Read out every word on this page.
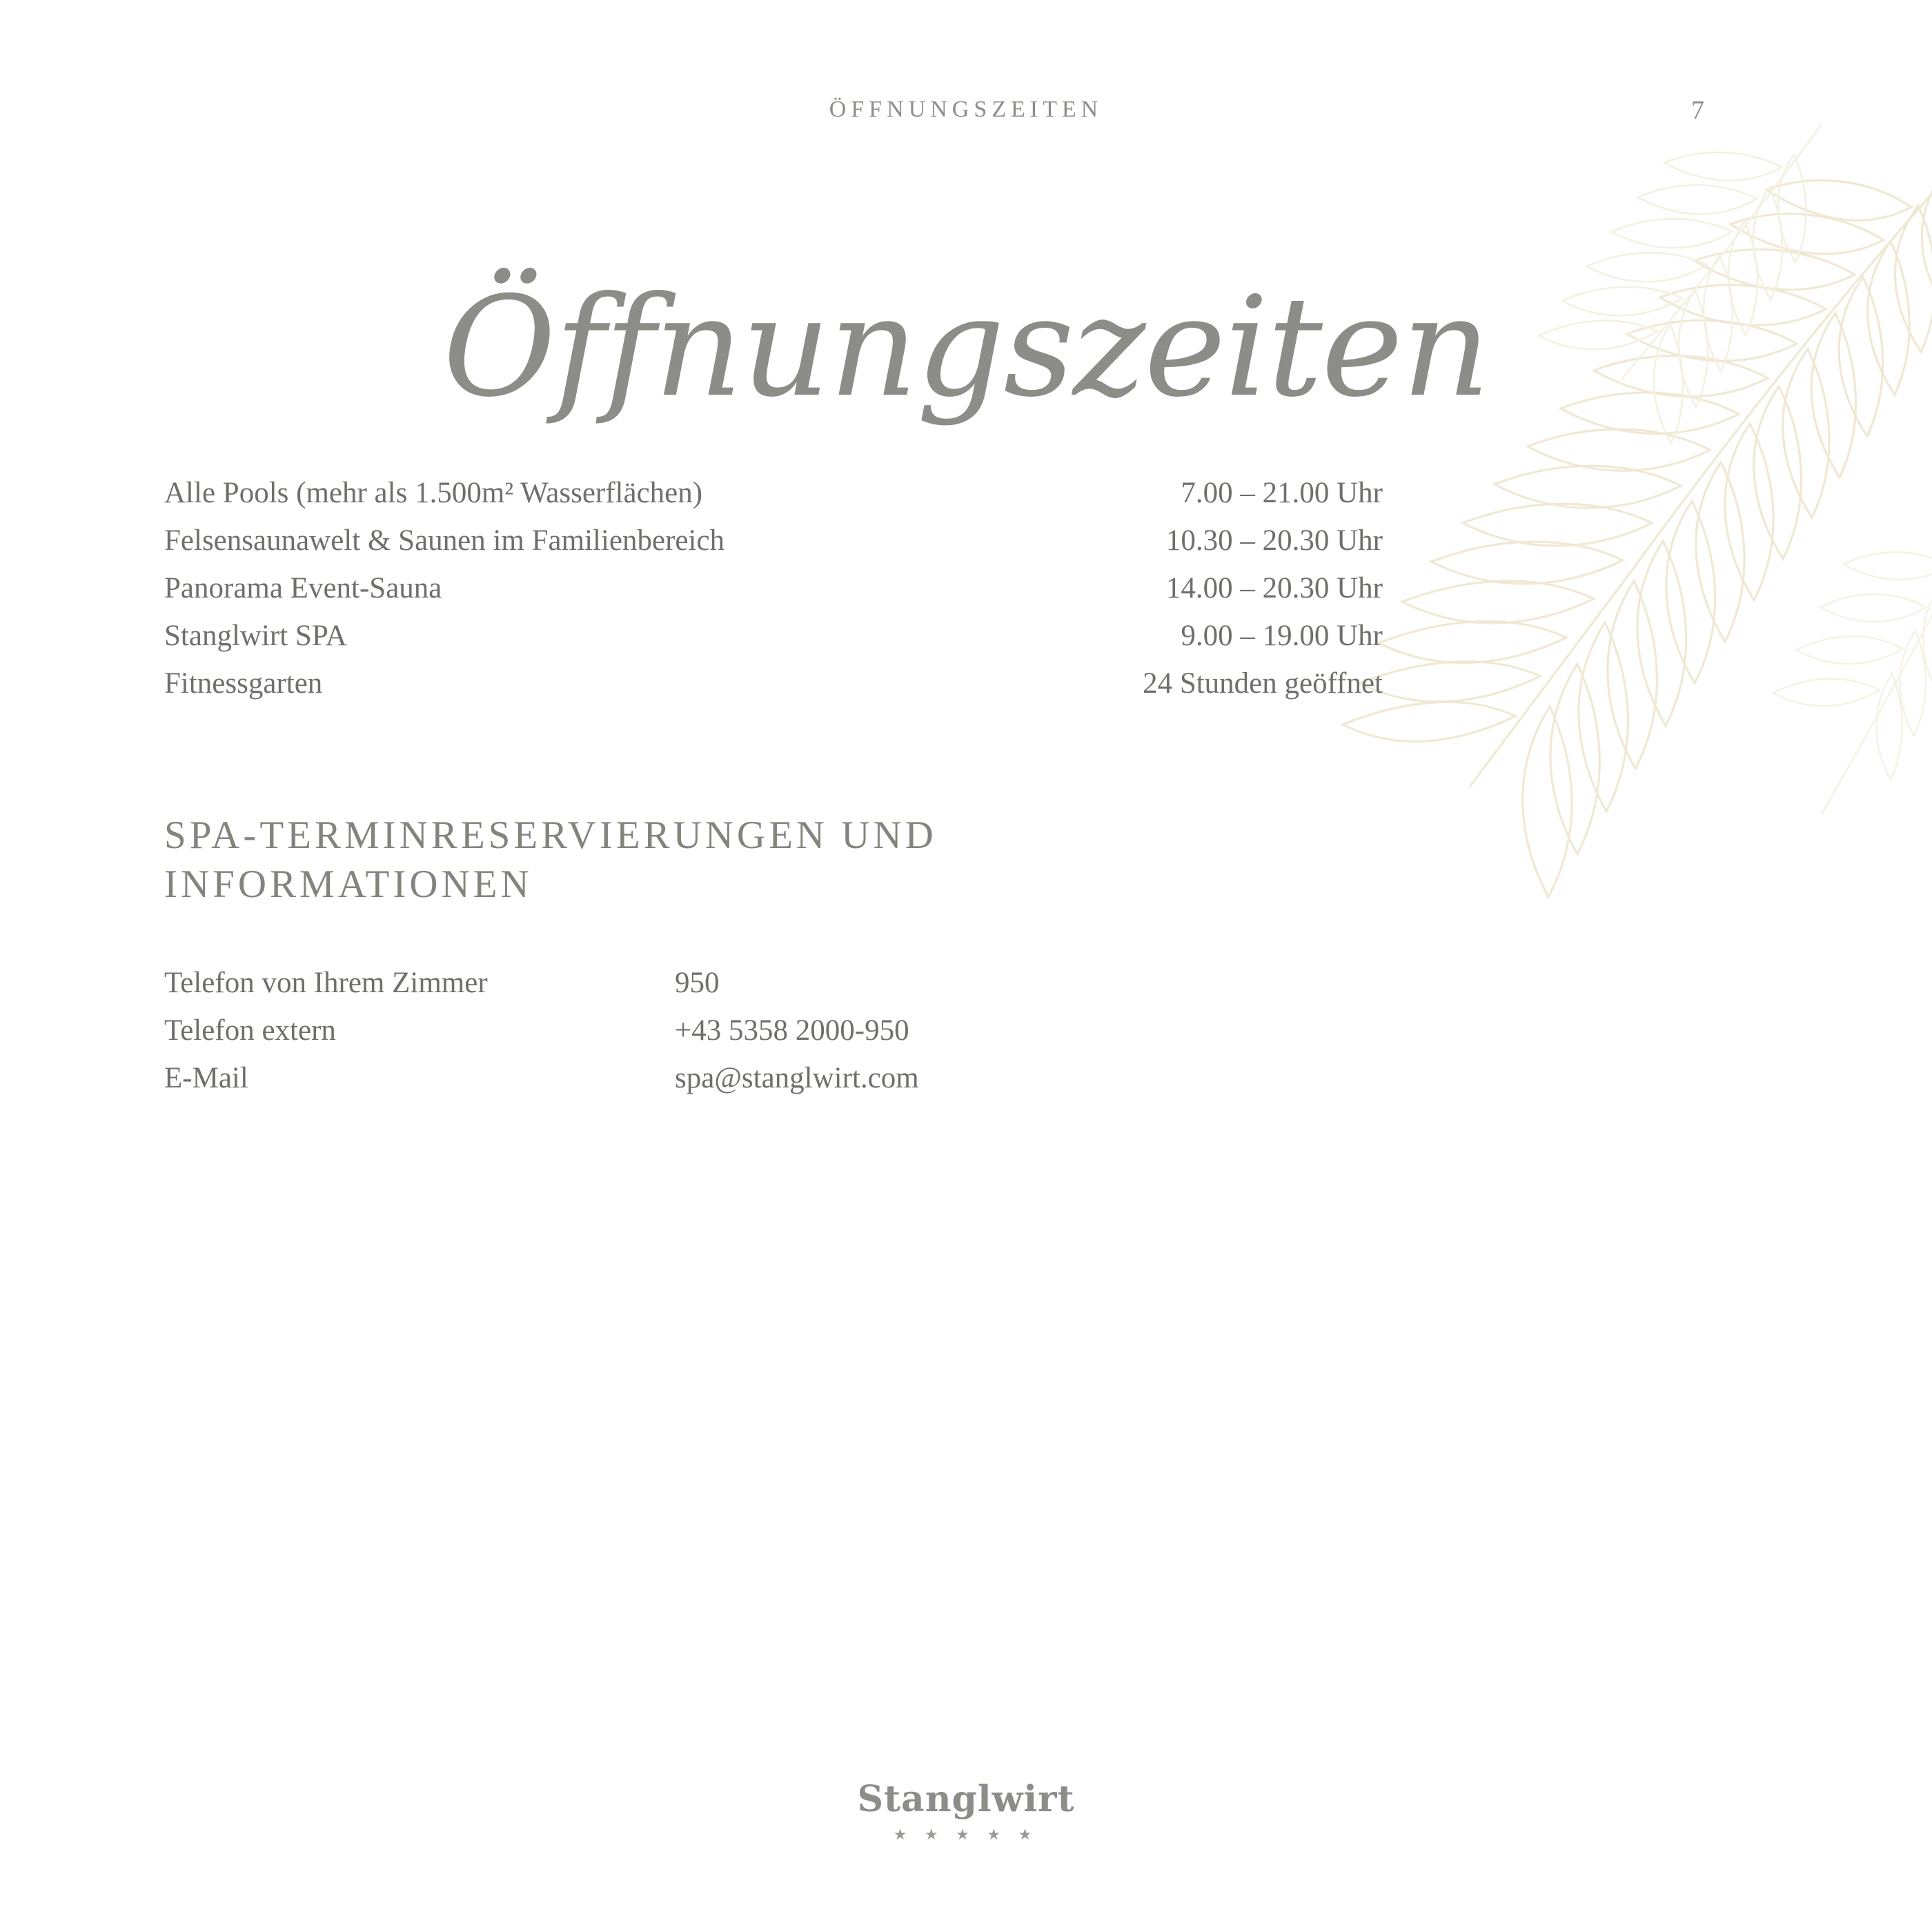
ÖFFNUNGSZEITEN	7
Öffnungszeiten
Alle Pools (mehr als 1.500m² Wasserflächen)	7.00 – 21.00 Uhr
Felsensaunawelt & Saunen im Familienbereich	10.30 – 20.30 Uhr
Panorama Event-Sauna	14.00 – 20.30 Uhr
Stanglwirt SPA	9.00 – 19.00 Uhr
Fitnessgarten	24 Stunden geöffnet
SPA-TERMINRESERVIERUNGEN UND
INFORMATIONEN
Telefon von Ihrem Zimmer	950
Telefon extern	+43 5358 2000-950
E-Mail	spa@stanglwirt.com
Stanglwirt
★ ★ ★ ★ ★
